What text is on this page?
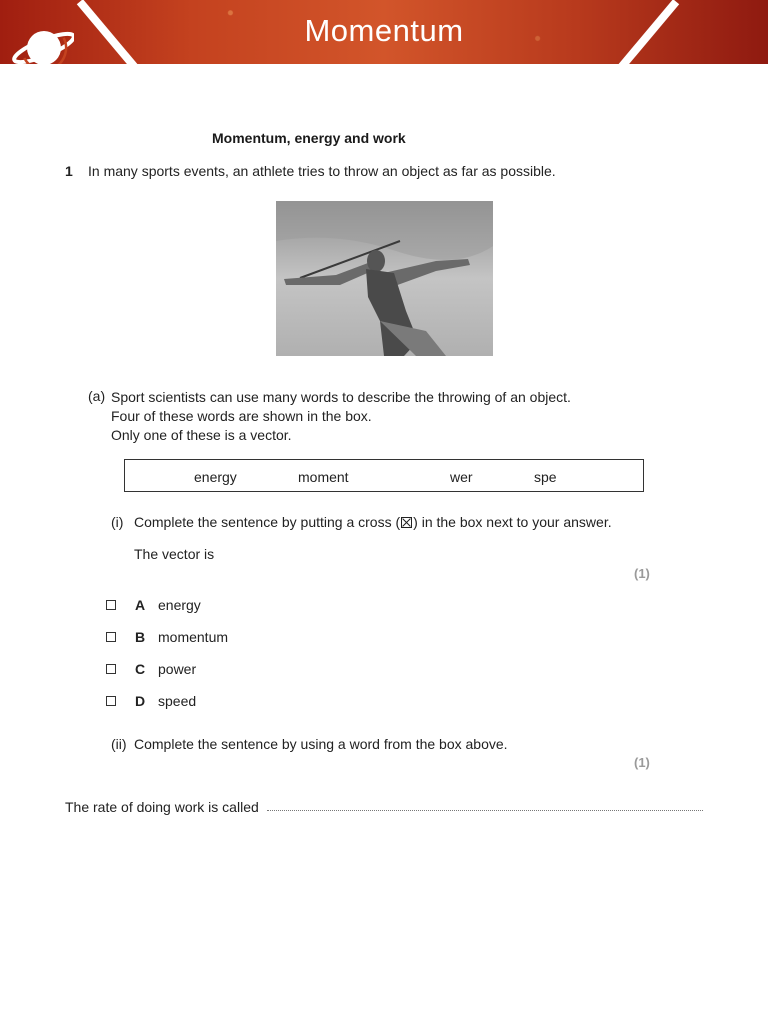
Momentum
Momentum, energy and work
1 In many sports events, an athlete tries to throw an object as far as possible.
(a) Sport scientists can use many words to describe the throwing of an object.
Four of these words are shown in the box.
Only one of these is a vector.
energy	moment	wer	spe
(i) Complete the sentence by putting a cross (☒) in the box next to your answer.
The vector is
(1)
A energy
B momentum
C power
D speed
(ii) Complete the sentence by using a word from the box above.
(1)
The rate of doing work is called
